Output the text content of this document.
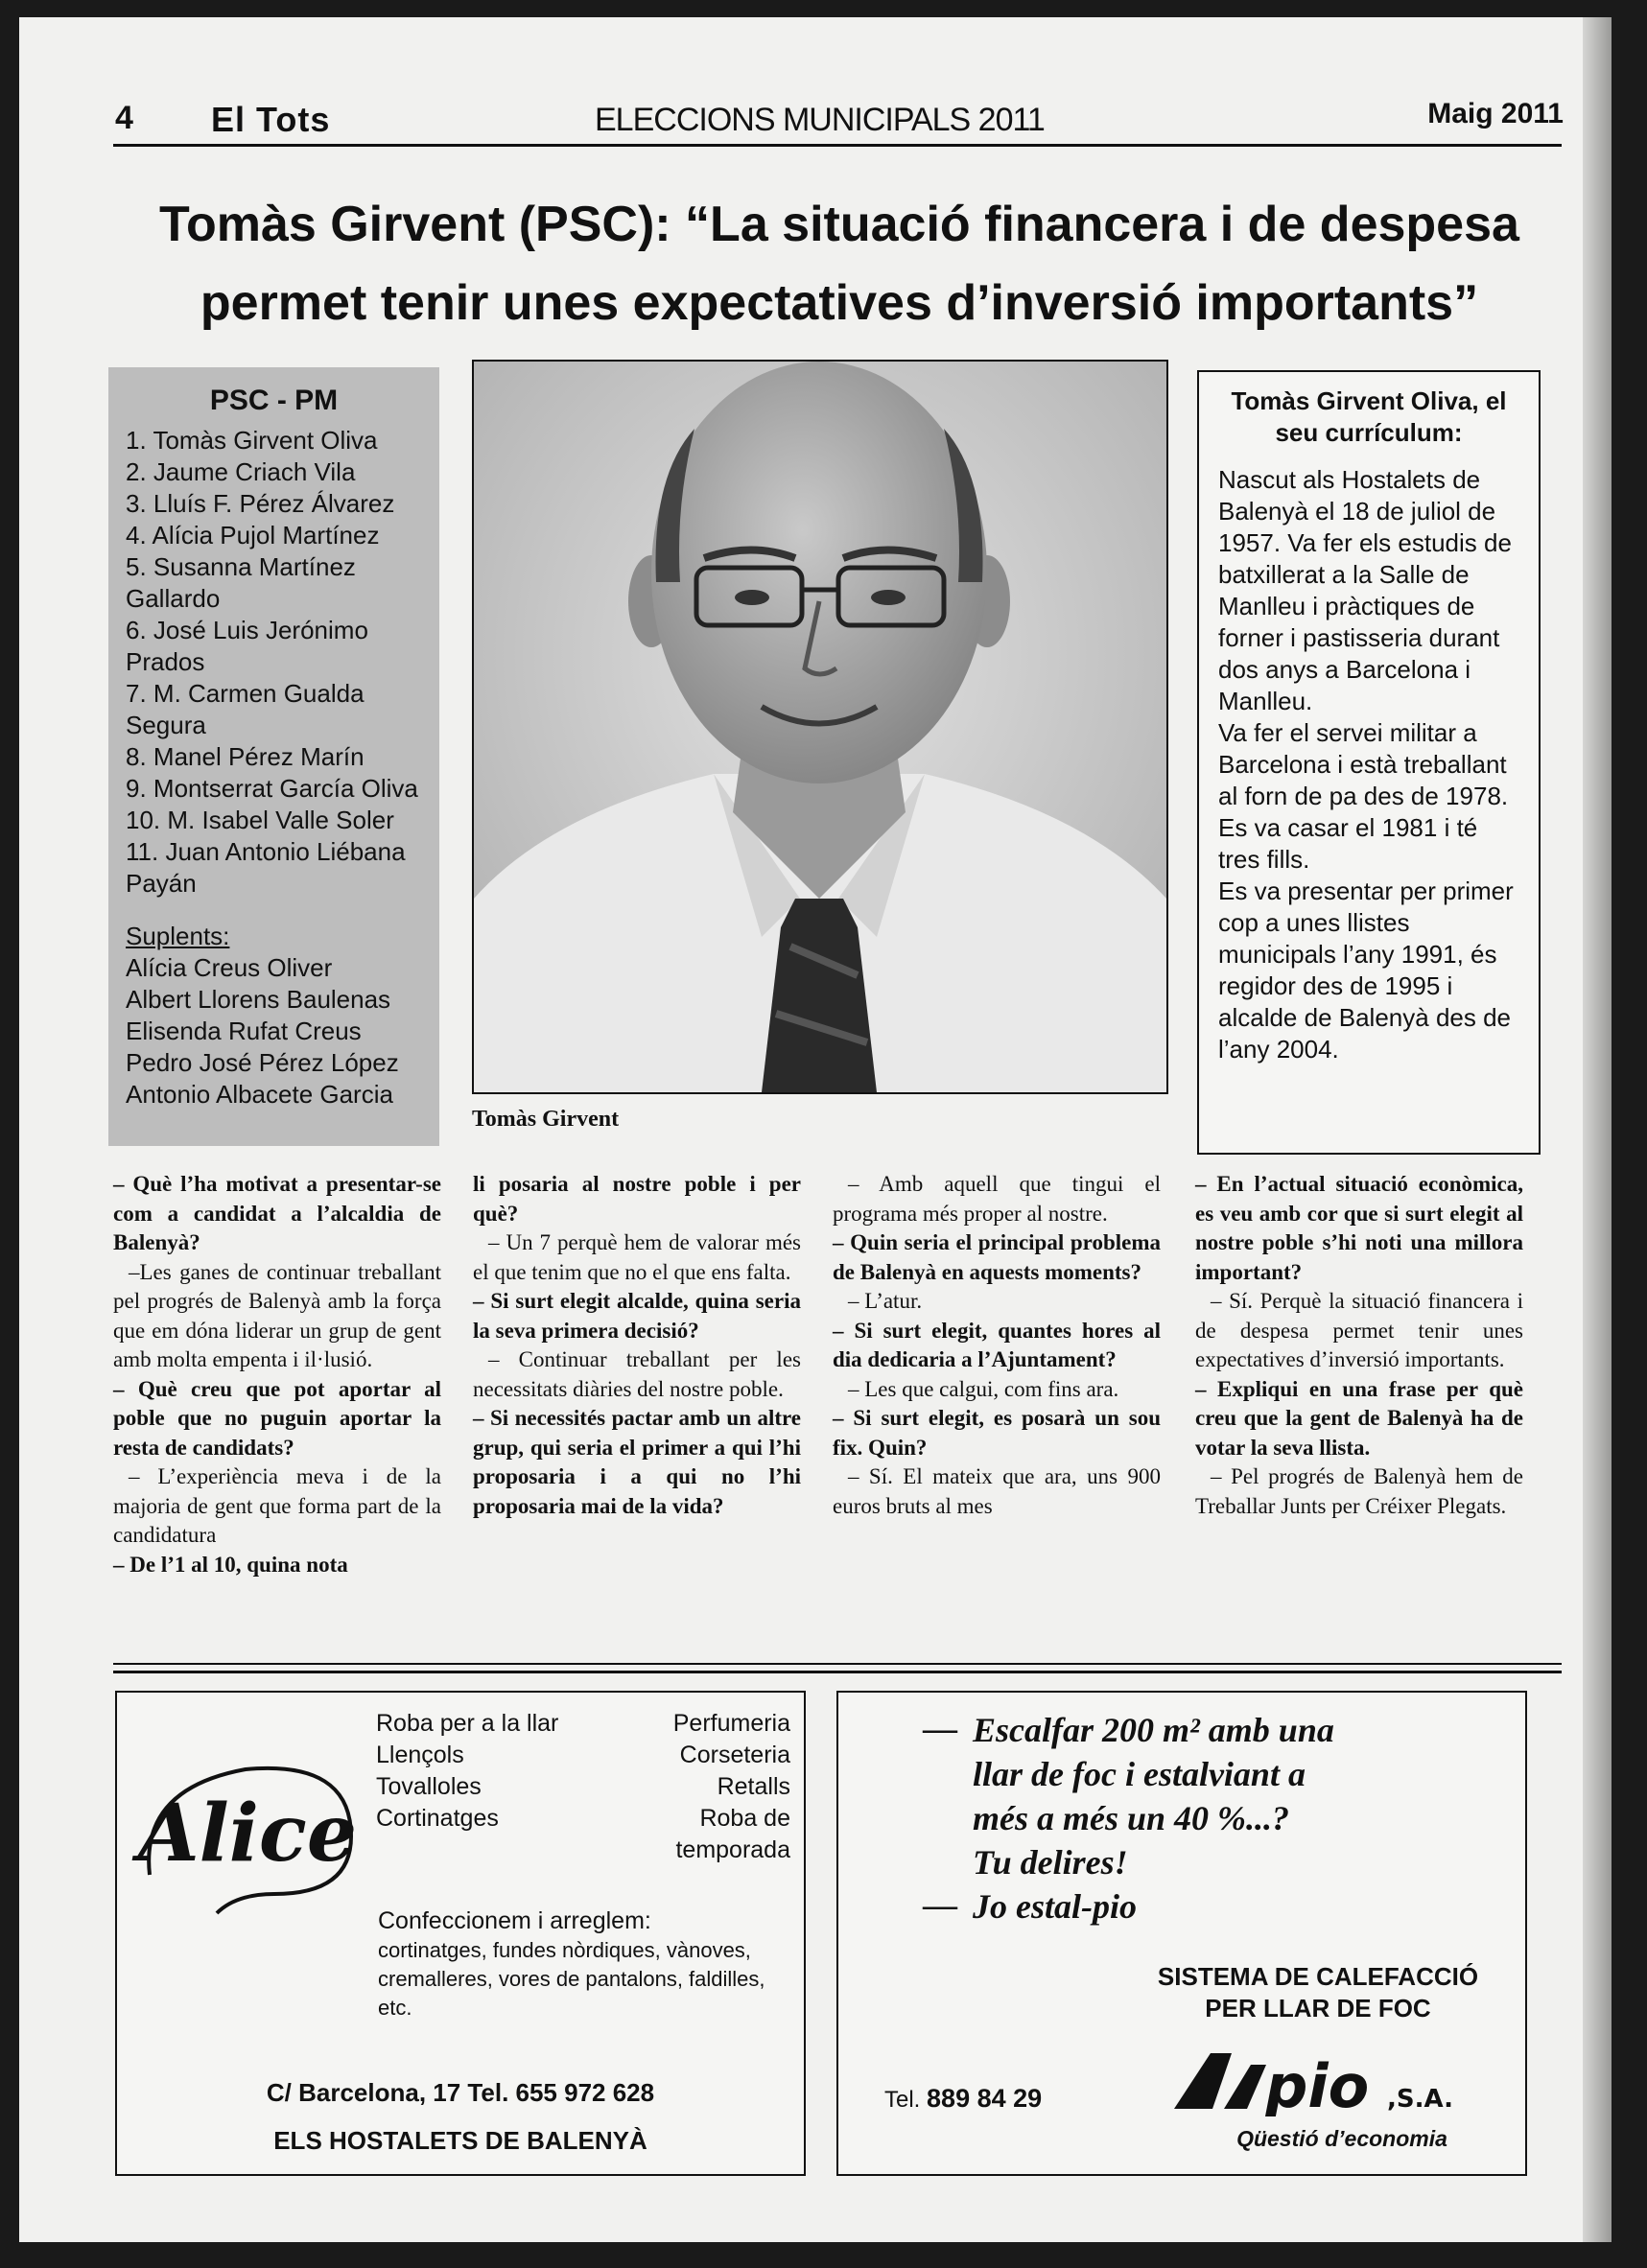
4 El Tots	ELECCIONS MUNICIPALS 2011	Maig 2011
Tomàs Girvent (PSC): “La situació financera i de despesa
permet tenir unes expectatives d’inversió importants”
PSC - PM
1. Tomàs Girvent Oliva
2. Jaume Criach Vila
3. Lluís F. Pérez Álvarez
4. Alícia Pujol Martínez
5. Susanna Martínez Gallardo
6. José Luis Jerónimo Prados
7. M. Carmen Gualda Segura
8. Manel Pérez Marín
9. Montserrat García Oliva
10. M. Isabel Valle Soler
11. Juan Antonio Liébana Payán
Suplents:
Alícia Creus Oliver
Albert Llorens Baulenas
Elisenda Rufat Creus
Pedro José Pérez López
Antonio Albacete Garcia
Tomàs Girvent
Tomàs Girvent Oliva, el seu currículum:

Nascut als Hostalets de Balenyà el 18 de juliol de 1957. Va fer els estudis de batxillerat a la Salle de Manlleu i pràctiques de forner i pastisseria durant dos anys a Barcelona i Manlleu.

Va fer el servei militar a Barcelona i està treballant al forn de pa des de 1978. Es va casar el 1981 i té tres fills.

Es va presentar per primer cop a unes llistes municipals l’any 1991, és regidor des de 1995 i alcalde de Balenyà des de l’any 2004.

– Què l’ha motivat a presentar-se com a candidat a l’alcaldia de Balenyà?

–Les ganes de continuar treballant pel progrés de Balenyà amb la força que em dóna liderar un grup de gent amb molta empenta i il·lusió.

– Què creu que pot aportar al poble que no puguin aportar la resta de candidats?

– L’experiència meva i de la majoria de gent que forma part de la candidatura

– De l’1 al 10, quina nota

li posaria al nostre poble i per què?

– Un 7 perquè hem de valorar més el que tenim que no el que ens falta.

– Si surt elegit alcalde, quina seria la seva primera decisió?

– Continuar treballant per les necessitats diàries del nostre poble.

– Si necessités pactar amb un altre grup, qui seria el primer a qui l’hi proposaria i a qui no l’hi proposaria mai de la vida?

– Amb aquell que tingui el programa més proper al nostre.

– Quin seria el principal problema de Balenyà en aquests moments?

– L’atur.

– Si surt elegit, quantes hores al dia dedicaria a l’Ajuntament?

– Les que calgui, com fins ara.

– Si surt elegit, es posarà un sou fix. Quin?

– Sí. El mateix que ara, uns 900 euros bruts al mes

– En l’actual situació econòmica, es veu amb cor que si surt elegit al nostre poble s’hi noti una millora important?

– Sí. Perquè la situació financera i de despesa permet tenir unes expectatives d’inversió importants.

– Expliqui en una frase per què creu que la gent de Balenyà ha de votar la seva llista.

– Pel progrés de Balenyà hem de Treballar Junts per Créixer Plegats.

Alice
Roba per a la llar
Llençols
Tovalloles
Cortinatges
Perfumeria
Corseteria
Retalls
Roba de
temporada
Confeccionem i arreglem:
cortinatges, fundes nòrdiques, vànoves, cremalleres, vores de pantalons, faldilles, etc.
C/ Barcelona, 17 Tel. 655 972 628
ELS HOSTALETS DE BALENYÀ
—
—
Escalfar 200 m² amb una
llar de foc i estalviant a
més a més un 40 %...?
Tu delires!
Jo estal-pio
Tel. 889 84 29
SISTEMA DE CALEFACCIÓ
PER LLAR DE FOC
pio ,S.A.
Qüestió d’economia
